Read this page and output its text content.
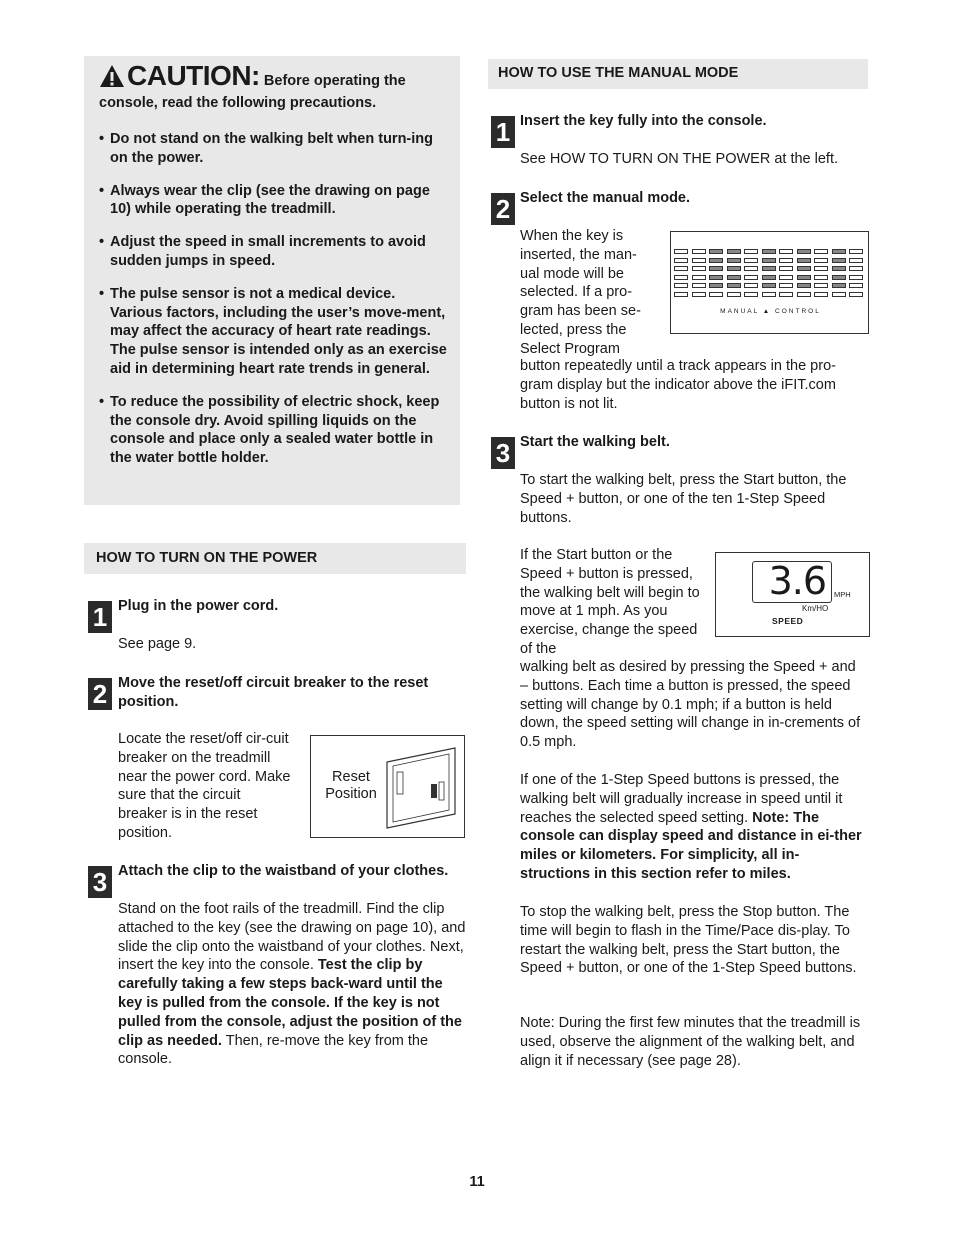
CAUTION: Before operating the console, read the following precautions.
• Do not stand on the walking belt when turn-ing on the power.
• Always wear the clip (see the drawing on page 10) while operating the treadmill.
• Adjust the speed in small increments to avoid sudden jumps in speed.
• The pulse sensor is not a medical device. Various factors, including the user’s move-ment, may affect the accuracy of heart rate readings. The pulse sensor is intended only as an exercise aid in determining heart rate trends in general.
• To reduce the possibility of electric shock, keep the console dry. Avoid spilling liquids on the console and place only a sealed water bottle in the water bottle holder.
HOW TO TURN ON THE POWER
1 Plug in the power cord.

See page 9.

2 Move the reset/off circuit breaker to the reset position.

Locate the reset/off cir-cuit breaker on the treadmill near the power cord. Make sure that the circuit breaker is in the reset position.

Reset Position
3 Attach the clip to the waistband of your clothes.

Stand on the foot rails of the treadmill. Find the clip attached to the key (see the drawing on page 10), and slide the clip onto the waistband of your clothes. Next, insert the key into the console. Test the clip by carefully taking a few steps back-ward until the key is pulled from the console. If the key is not pulled from the console, adjust the position of the clip as needed. Then, re-move the key from the console.

HOW TO USE THE MANUAL MODE
1 Insert the key fully into the console.

See HOW TO TURN ON THE POWER at the left.

2 Select the manual mode.

When the key is inserted, the man-ual mode will be selected. If a pro-gram has been se-lected, press the Select Program

button repeatedly until a track appears in the pro-gram display but the indicator above the iFIT.com button is not lit.

MANUAL ▲ CONTROL
3 Start the walking belt.

To start the walking belt, press the Start button, the Speed + button, or one of the ten 1-Step Speed buttons.

If the Start button or the Speed + button is pressed, the walking belt will begin to move at 1 mph. As you exercise, change the speed of the

walking belt as desired by pressing the Speed + and – buttons. Each time a button is pressed, the speed setting will change by 0.1 mph; if a button is held down, the speed setting will change in in-crements of 0.5 mph.

3.6	MPH
Km/HO
SPEED

If one of the 1-Step Speed buttons is pressed, the walking belt will gradually increase in speed until it reaches the selected speed setting. Note: The console can display speed and distance in ei-ther miles or kilometers. For simplicity, all in-structions in this section refer to miles.

To stop the walking belt, press the Stop button. The time will begin to flash in the Time/Pace dis-play. To restart the walking belt, press the Start button, the Speed + button, or one of the 1-Step Speed buttons.

Note: During the first few minutes that the treadmill is used, observe the alignment of the walking belt, and align it if necessary (see page 28).

11
